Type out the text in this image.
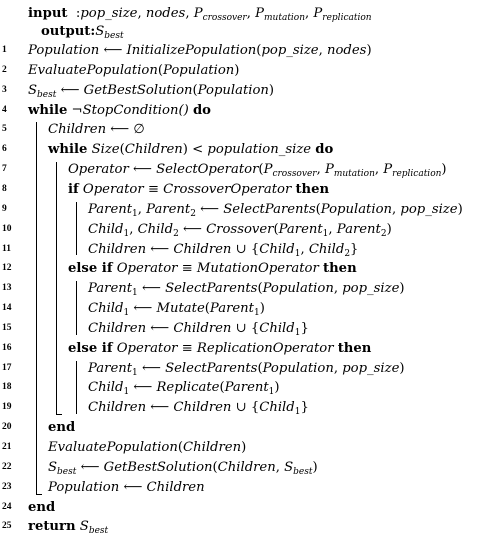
input  :pop_size, nodes, $P_{crossover}$, $P_{mutation}$, $P_{replication}$
$output:S_{best}$
1	Population ⟵ InitializePopulation(pop_size, nodes)
2	EvaluatePopulation(Population)
3	$S_{best}$ ⟵ GetBestSolution(Population)
4	while ¬StopCondition() do
5	Children ⟵ ∅
6	while Size(Children) < population_size do
7	Operator ⟵ $SelectOperator(P_{crossover}$, $P_{mutation}$, $P_{replication}$)
8	if Operator ≡ CrossoverOperator then
9	Parent$_1$, Parent$_2$ ⟵ SelectParents(Population, pop_size)
10	Child$_1$, Child$_2$ ⟵ Crossover(Parent$_1$, Parent$_2$)
11	Children ⟵ Children ∪ {Child$_1$, Child$_2$}
12	else if Operator ≡ MutationOperator then
13	Parent$_1$ ⟵ SelectParents(Population, pop_size)
14	Child$_1$ ⟵ Mutate(Parent$_1$)
15	Children ⟵ Children ∪ {Child$_1$}
16	else if Operator ≡ ReplicationOperator then
17	Parent$_1$ ⟵ SelectParents(Population, pop_size)
18	Child$_1$ ⟵ Replicate(Parent$_1$)
19	Children ⟵ Children ∪ {Child$_1$}
20	end
21	EvaluatePopulation(Children)
22	$S_{best}$ ⟵ GetBestSolution(Children, $S_{best}$)
23	Population ⟵ Children
24 end
25 return $S_{best}$
